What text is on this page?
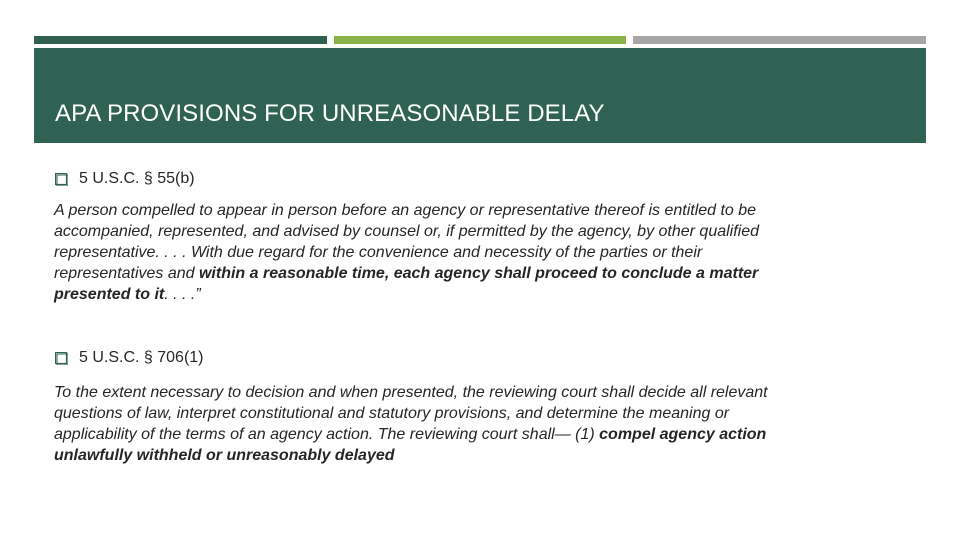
APA PROVISIONS FOR UNREASONABLE DELAY
5 U.S.C. § 55(b)
A person compelled to appear in person before an agency or representative thereof is entitled to be
accompanied, represented, and advised by counsel or, if permitted by the agency, by other qualified
representative. . . . With due regard for the convenience and necessity of the parties or their
representatives and within a reasonable time, each agency shall proceed to conclude a matter
presented to it. . . .”
5 U.S.C. § 706(1)
To the extent necessary to decision and when presented, the reviewing court shall decide all relevant
questions of law, interpret constitutional and statutory provisions, and determine the meaning or
applicability of the terms of an agency action. The reviewing court shall— (1) compel agency action
unlawfully withheld or unreasonably delayed
